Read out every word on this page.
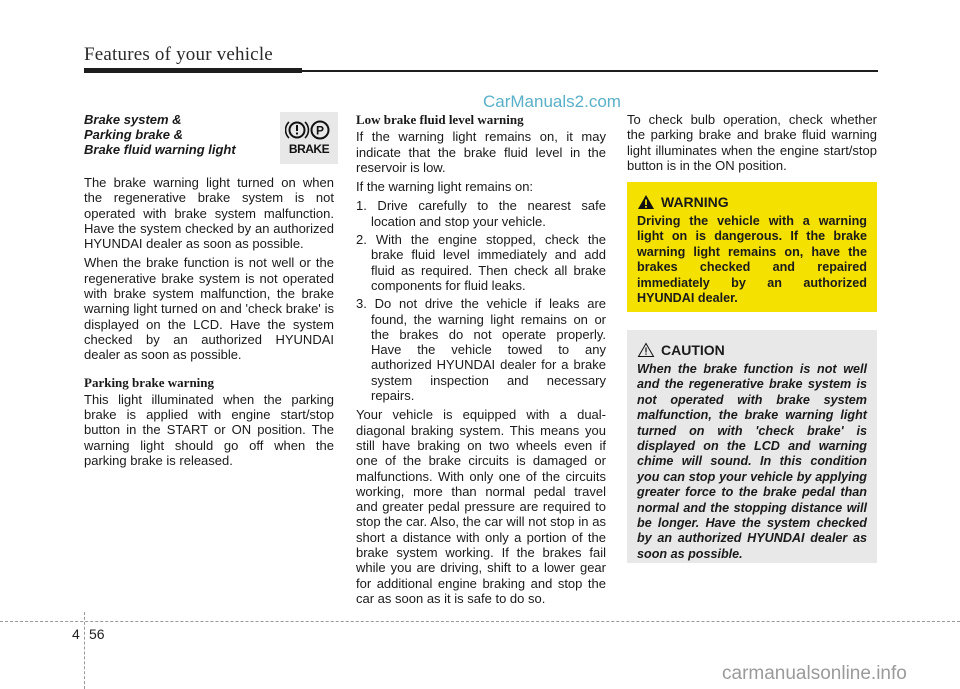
Features of your vehicle
CarManuals2.com
Brake system &
Parking brake &
Brake fluid warning light
P
BRAKE

The brake warning light turned on when the regenerative brake system is not operated with brake system malfunction. Have the system checked by an authorized HYUNDAI dealer as soon as possible.

When the brake function is not well or the regenerative brake system is not operated with brake system malfunction, the brake warning light turned on and 'check brake' is displayed on the LCD. Have the system checked by an authorized HYUNDAI dealer as soon as possible.

Parking brake warning

This light illuminated when the parking brake is applied with engine start/stop button in the START or ON position. The warning light should go off when the parking brake is released.

Low brake fluid level warning

If the warning light remains on, it may indicate that the brake fluid level in the reservoir is low.

If the warning light remains on:

1. Drive carefully to the nearest safe location and stop your vehicle.
2. With the engine stopped, check the brake fluid level immediately and add fluid as required. Then check all brake components for fluid leaks.
3. Do not drive the vehicle if leaks are found, the warning light remains on or the brakes do not operate properly. Have the vehicle towed to any authorized HYUNDAI dealer for a brake system inspection and necessary repairs.

Your vehicle is equipped with a dual-diagonal braking system. This means you still have braking on two wheels even if one of the brake circuits is damaged or malfunctions. With only one of the circuits working, more than normal pedal travel and greater pedal pressure are required to stop the car. Also, the car will not stop in as short a distance with only a portion of the brake system working. If the brakes fail while you are driving, shift to a lower gear for additional engine braking and stop the car as soon as it is safe to do so.

To check bulb operation, check whether the parking brake and brake fluid warning light illuminates when the engine start/stop button is in the ON position.

WARNING
Driving the vehicle with a warning light on is dangerous. If the brake warning light remains on, have the brakes checked and repaired immediately by an authorized HYUNDAI dealer.
CAUTION
When the brake function is not well and the regenerative brake system is not operated with brake system malfunction, the brake warning light turned on with 'check brake' is displayed on the LCD and warning chime will sound. In this condition you can stop your vehicle by applying greater force to the brake pedal than normal and the stopping distance will be longer. Have the system checked by an authorized HYUNDAI dealer as soon as possible.
4 56
carmanualsonline.info
